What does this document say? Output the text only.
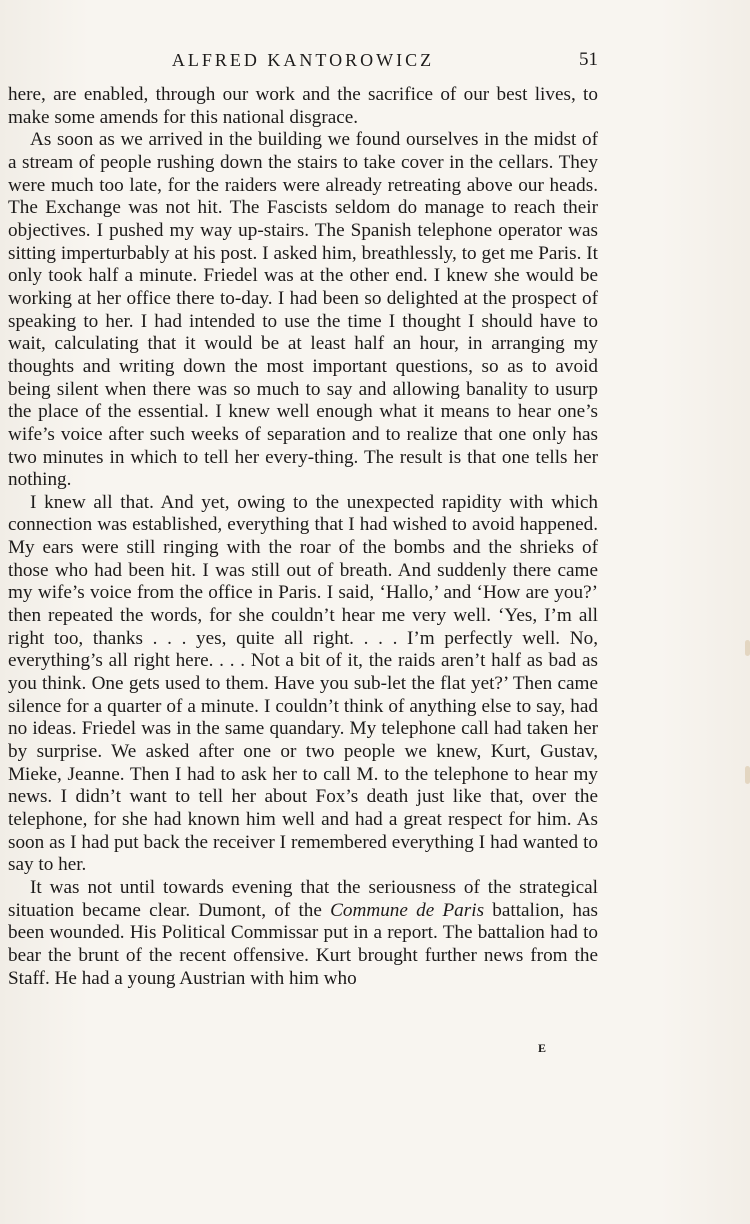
ALFRED KANTOROWICZ	51

here, are enabled, through our work and the sacrifice of our best lives, to make some amends for this national disgrace.

As soon as we arrived in the building we found ourselves in the midst of a stream of people rushing down the stairs to take cover in the cellars. They were much too late, for the raiders were already retreating above our heads. The Exchange was not hit. The Fascists seldom do manage to reach their objectives. I pushed my way up-stairs. The Spanish telephone operator was sitting imperturbably at his post. I asked him, breathlessly, to get me Paris. It only took half a minute. Friedel was at the other end. I knew she would be working at her office there to-day. I had been so delighted at the prospect of speaking to her. I had intended to use the time I thought I should have to wait, calculating that it would be at least half an hour, in arranging my thoughts and writing down the most important questions, so as to avoid being silent when there was so much to say and allowing banality to usurp the place of the essential. I knew well enough what it means to hear one’s wife’s voice after such weeks of separation and to realize that one only has two minutes in which to tell her every-thing. The result is that one tells her nothing.

I knew all that. And yet, owing to the unexpected rapidity with which connection was established, everything that I had wished to avoid happened. My ears were still ringing with the roar of the bombs and the shrieks of those who had been hit. I was still out of breath. And suddenly there came my wife’s voice from the office in Paris. I said, ‘Hallo,’ and ‘How are you?’ then repeated the words, for she couldn’t hear me very well. ‘Yes, I’m all right too, thanks . . . yes, quite all right. . . . I’m perfectly well. No, everything’s all right here. . . . Not a bit of it, the raids aren’t half as bad as you think. One gets used to them. Have you sub-let the flat yet?’ Then came silence for a quarter of a minute. I couldn’t think of anything else to say, had no ideas. Friedel was in the same quandary. My telephone call had taken her by surprise. We asked after one or two people we knew, Kurt, Gustav, Mieke, Jeanne. Then I had to ask her to call M. to the telephone to hear my news. I didn’t want to tell her about Fox’s death just like that, over the telephone, for she had known him well and had a great respect for him. As soon as I had put back the receiver I remembered everything I had wanted to say to her.

It was not until towards evening that the seriousness of the strategical situation became clear. Dumont, of the Commune de Paris battalion, has been wounded. His Political Commissar put in a report. The battalion had to bear the brunt of the recent offensive. Kurt brought further news from the Staff. He had a young Austrian with him who

E
